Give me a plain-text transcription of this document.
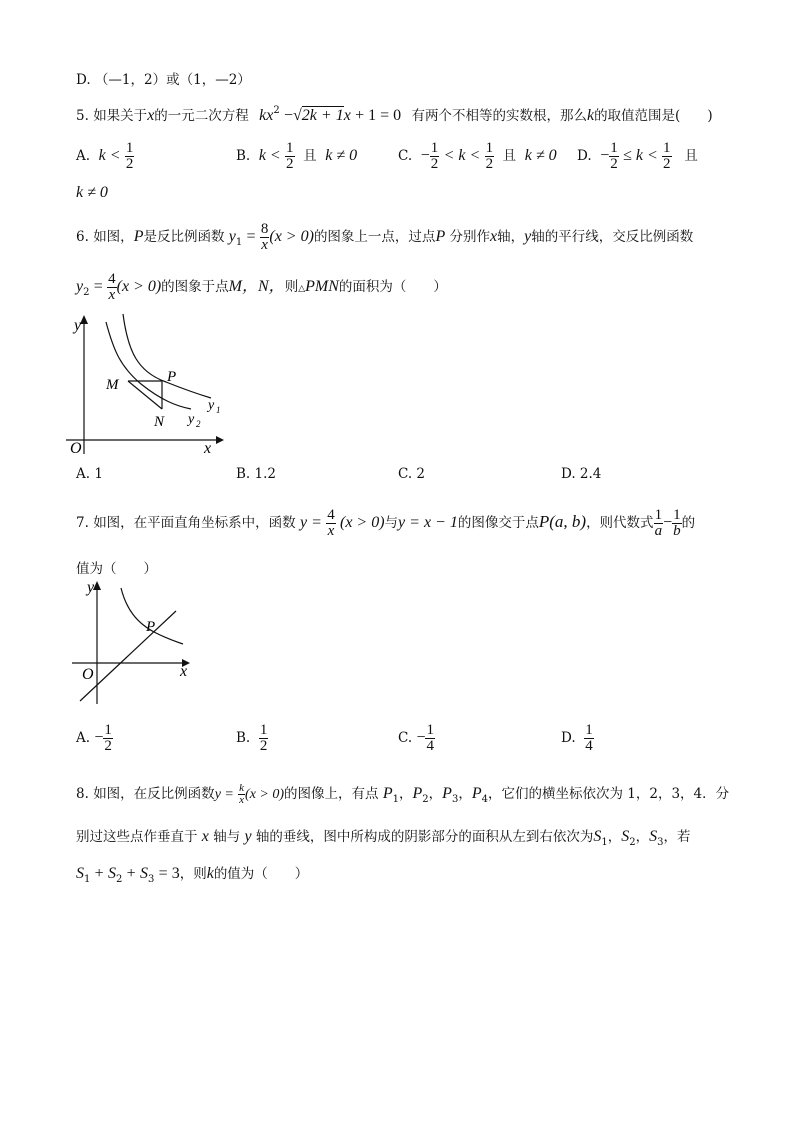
D. （—1，2）或（1，—2）
5. 如果关于x的一元二次方程 $kx^2 -√2k + 1x + 1 = 0$ 有两个不相等的实数根，那么k的取值范围是(　　)
A. $k < \frac{1}{2}$	B. $k < \frac{1}{2}$ 且 k ≠ 0	C. − $\frac{1}{2} < k < \frac{1}{2}$ 且 k ≠ 0 D. − $\frac{1}{2} \le k < \frac{1}{2}$ 且
k ≠ 0
6. 如图，P是反比例函数 $y_1 = \frac{8}{x} (x > 0)$的图象上一点，过点P 分别作x轴，y轴的平行线，交反比例函数
$y_2 = \frac{4}{x} (x > 0)$的图象于点M，N，则△PMN的面积为（　　）
y
x
O
M	P
N
y 1
y 2
A. 1	B. 1.2	C. 2	D. 2.4
7. 如图，在平面直角坐标系中，函数 $y = \frac{4}{x} (x > 0)$与y = x − 1的图像交于点P(a, b)，则代数式 $\frac{1}{a} - \frac{1}{b}$ 的
值为（　　）
y
x
O
P
A. − $\frac{1}{2}$	B. $\frac{1}{2}$	C. − $\frac{1}{4}$	D. $\frac{1}{4}$
8. 如图，在反比例函数$y = \frac{k}{x} (x > 0)$的图像上，有点 $P_1$，$P_2$，$P_3$，$P_4$，它们的横坐标依次为 1，2，3，4．分
别过这些点作垂直于 x 轴与 y 轴的垂线，图中所构成的阴影部分的面积从左到右依次为$S_1$，$S_2$，$S_3$，若
$S_1 + S_2 + S_3 = 3$，则k的值为（　　）
